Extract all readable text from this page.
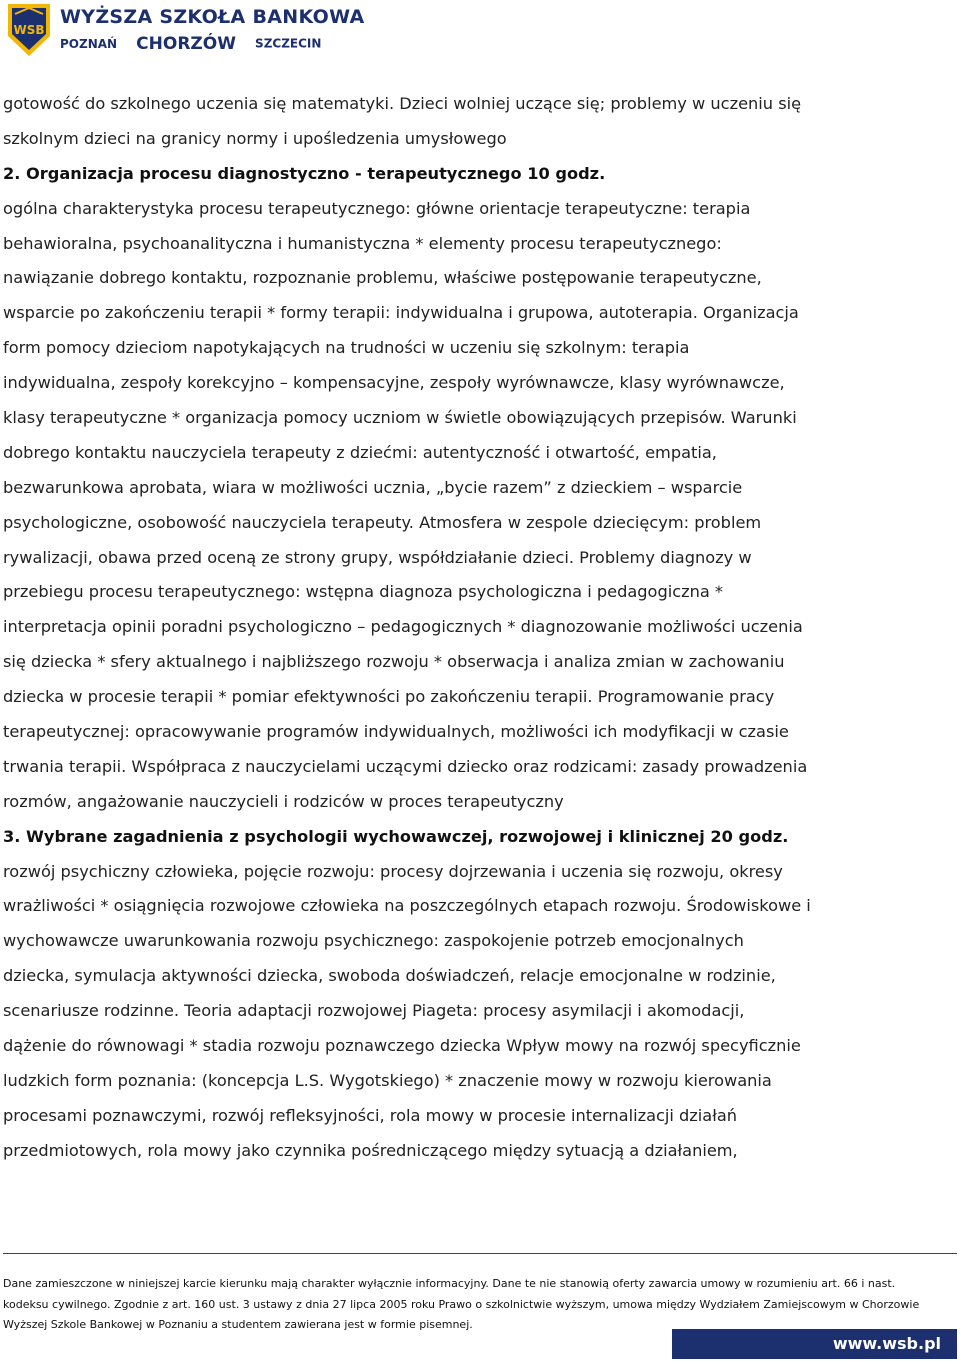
WSB
WYŻSZA SZKOŁA BANKOWA
POZNAŃ CHORZÓW SZCZECIN
gotowość do szkolnego uczenia się matematyki. Dzieci wolniej uczące się; problemy w uczeniu się
szkolnym dzieci na granicy normy i upośledzenia umysłowego
2. Organizacja procesu diagnostyczno - terapeutycznego 10 godz.
ogólna charakterystyka procesu terapeutycznego: główne orientacje terapeutyczne: terapia
behawioralna, psychoanalityczna i humanistyczna * elementy procesu terapeutycznego:
nawiązanie dobrego kontaktu, rozpoznanie problemu, właściwe postępowanie terapeutyczne,
wsparcie po zakończeniu terapii * formy terapii: indywidualna i grupowa, autoterapia. Organizacja
form pomocy dzieciom napotykających na trudności w uczeniu się szkolnym: terapia
indywidualna, zespoły korekcyjno – kompensacyjne, zespoły wyrównawcze, klasy wyrównawcze,
klasy terapeutyczne * organizacja pomocy uczniom w świetle obowiązujących przepisów. Warunki
dobrego kontaktu nauczyciela terapeuty z dziećmi: autentyczność i otwartość, empatia,
bezwarunkowa aprobata, wiara w możliwości ucznia, „bycie razem” z dzieckiem – wsparcie
psychologiczne, osobowość nauczyciela terapeuty. Atmosfera w zespole dziecięcym: problem
rywalizacji, obawa przed oceną ze strony grupy, współdziałanie dzieci. Problemy diagnozy w
przebiegu procesu terapeutycznego: wstępna diagnoza psychologiczna i pedagogiczna *
interpretacja opinii poradni psychologiczno – pedagogicznych * diagnozowanie możliwości uczenia
się dziecka * sfery aktualnego i najbliższego rozwoju * obserwacja i analiza zmian w zachowaniu
dziecka w procesie terapii * pomiar efektywności po zakończeniu terapii. Programowanie pracy
terapeutycznej: opracowywanie programów indywidualnych, możliwości ich modyfikacji w czasie
trwania terapii. Współpraca z nauczycielami uczącymi dziecko oraz rodzicami: zasady prowadzenia
rozmów, angażowanie nauczycieli i rodziców w proces terapeutyczny
3. Wybrane zagadnienia z psychologii wychowawczej, rozwojowej i klinicznej 20 godz.
rozwój psychiczny człowieka, pojęcie rozwoju: procesy dojrzewania i uczenia się rozwoju, okresy
wrażliwości * osiągnięcia rozwojowe człowieka na poszczególnych etapach rozwoju. Środowiskowe i
wychowawcze uwarunkowania rozwoju psychicznego: zaspokojenie potrzeb emocjonalnych
dziecka, symulacja aktywności dziecka, swoboda doświadczeń, relacje emocjonalne w rodzinie,
scenariusze rodzinne. Teoria adaptacji rozwojowej Piageta: procesy asymilacji i akomodacji,
dążenie do równowagi * stadia rozwoju poznawczego dziecka Wpływ mowy na rozwój specyficznie
ludzkich form poznania: (koncepcja L.S. Wygotskiego) * znaczenie mowy w rozwoju kierowania
procesami poznawczymi, rozwój refleksyjności, rola mowy w procesie internalizacji działań
przedmiotowych, rola mowy jako czynnika pośredniczącego między sytuacją a działaniem,
Dane zamieszczone w niniejszej karcie kierunku mają charakter wyłącznie informacyjny. Dane te nie stanowią oferty zawarcia umowy w rozumieniu art. 66 i nast.
kodeksu cywilnego. Zgodnie z art. 160 ust. 3 ustawy z dnia 27 lipca 2005 roku Prawo o szkolnictwie wyższym, umowa między Wydziałem Zamiejscowym w Chorzowie
Wyższej Szkole Bankowej w Poznaniu a studentem zawierana jest w formie pisemnej.
www.wsb.pl
